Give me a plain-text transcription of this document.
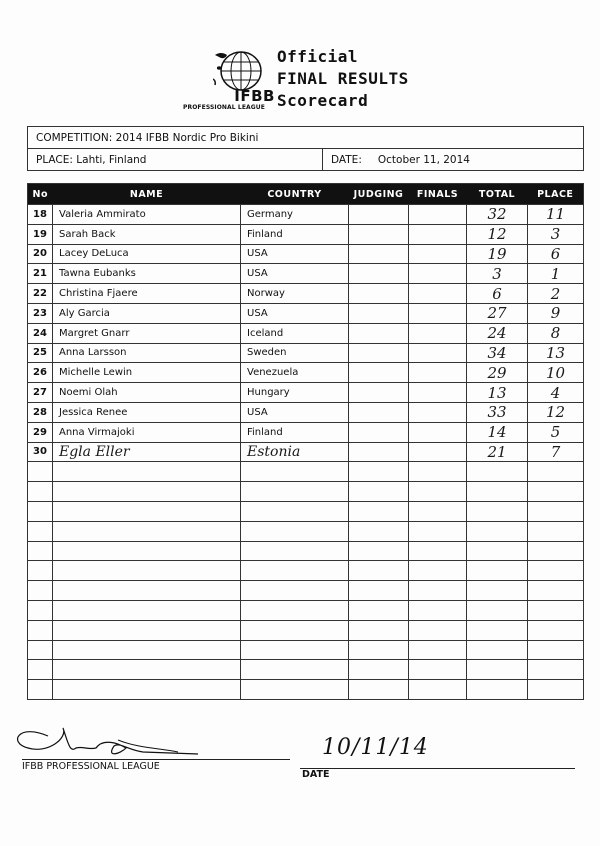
IFBB
PROFESSIONAL LEAGUE
Official
FINAL RESULTS
Scorecard
COMPETITION:
2014 IFBB Nordic Pro Bikini
PLACE:
Lahti, Finland	DATE: October 11, 2014
No	NAME	COUNTRY	JUDGING	FINALS	TOTAL	PLACE
18	Valeria Ammirato	Germany			32	11
19	Sarah Back	Finland			12	3
20	Lacey DeLuca	USA			19	6
21	Tawna Eubanks	USA			3	1
22	Christina Fjaere	Norway			6	2
23	Aly Garcia	USA			27	9
24	Margret Gnarr	Iceland			24	8
25	Anna Larsson	Sweden			34	13
26	Michelle Lewin	Venezuela			29	10
27	Noemi Olah	Hungary			13	4
28	Jessica Renee	USA			33	12
29	Anna Virmajoki	Finland			14	5
30	Egla Eller	Estonia			21	7

IFBB PROFESSIONAL LEAGUE
10/11/14
DATE
